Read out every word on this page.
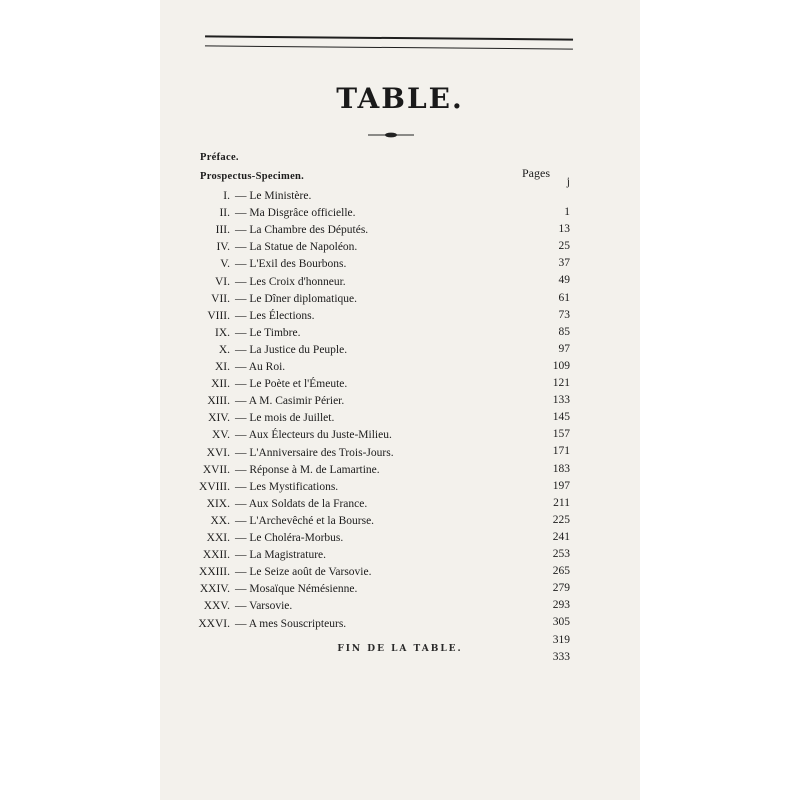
TABLE.
Préface.
Prospectus-Specimen.	Pages
j
I. — Le Ministère.
1
II. — Ma Disgrâce officielle.
13
III. — La Chambre des Députés.
25
IV. — La Statue de Napoléon.
37
V. — L'Exil des Bourbons.
49
VI. — Les Croix d'honneur.
61
VII. — Le Dîner diplomatique.
73
VIII. — Les Élections.
85
IX. — Le Timbre.
97
X. — La Justice du Peuple.
109
XI. — Au Roi.
121
XII. — Le Poète et l'Émeute.
133
XIII. — A M. Casimir Périer.
145
XIV. — Le mois de Juillet.
157
XV. — Aux Électeurs du Juste-Milieu.
171
XVI. — L'Anniversaire des Trois-Jours.
183
XVII. — Réponse à M. de Lamartine.
197
XVIII. — Les Mystifications.
211
XIX. — Aux Soldats de la France.
225
XX. — L'Archevêché et la Bourse.
241
XXI. — Le Choléra-Morbus.
253
XXII. — La Magistrature.
265
XXIII. — Le Seize août de Varsovie.
279
XXIV. — Mosaïque Némésienne.
293
XXV. — Varsovie.
305
XXVI. — A mes Souscripteurs.
319
333
FIN DE LA TABLE.
